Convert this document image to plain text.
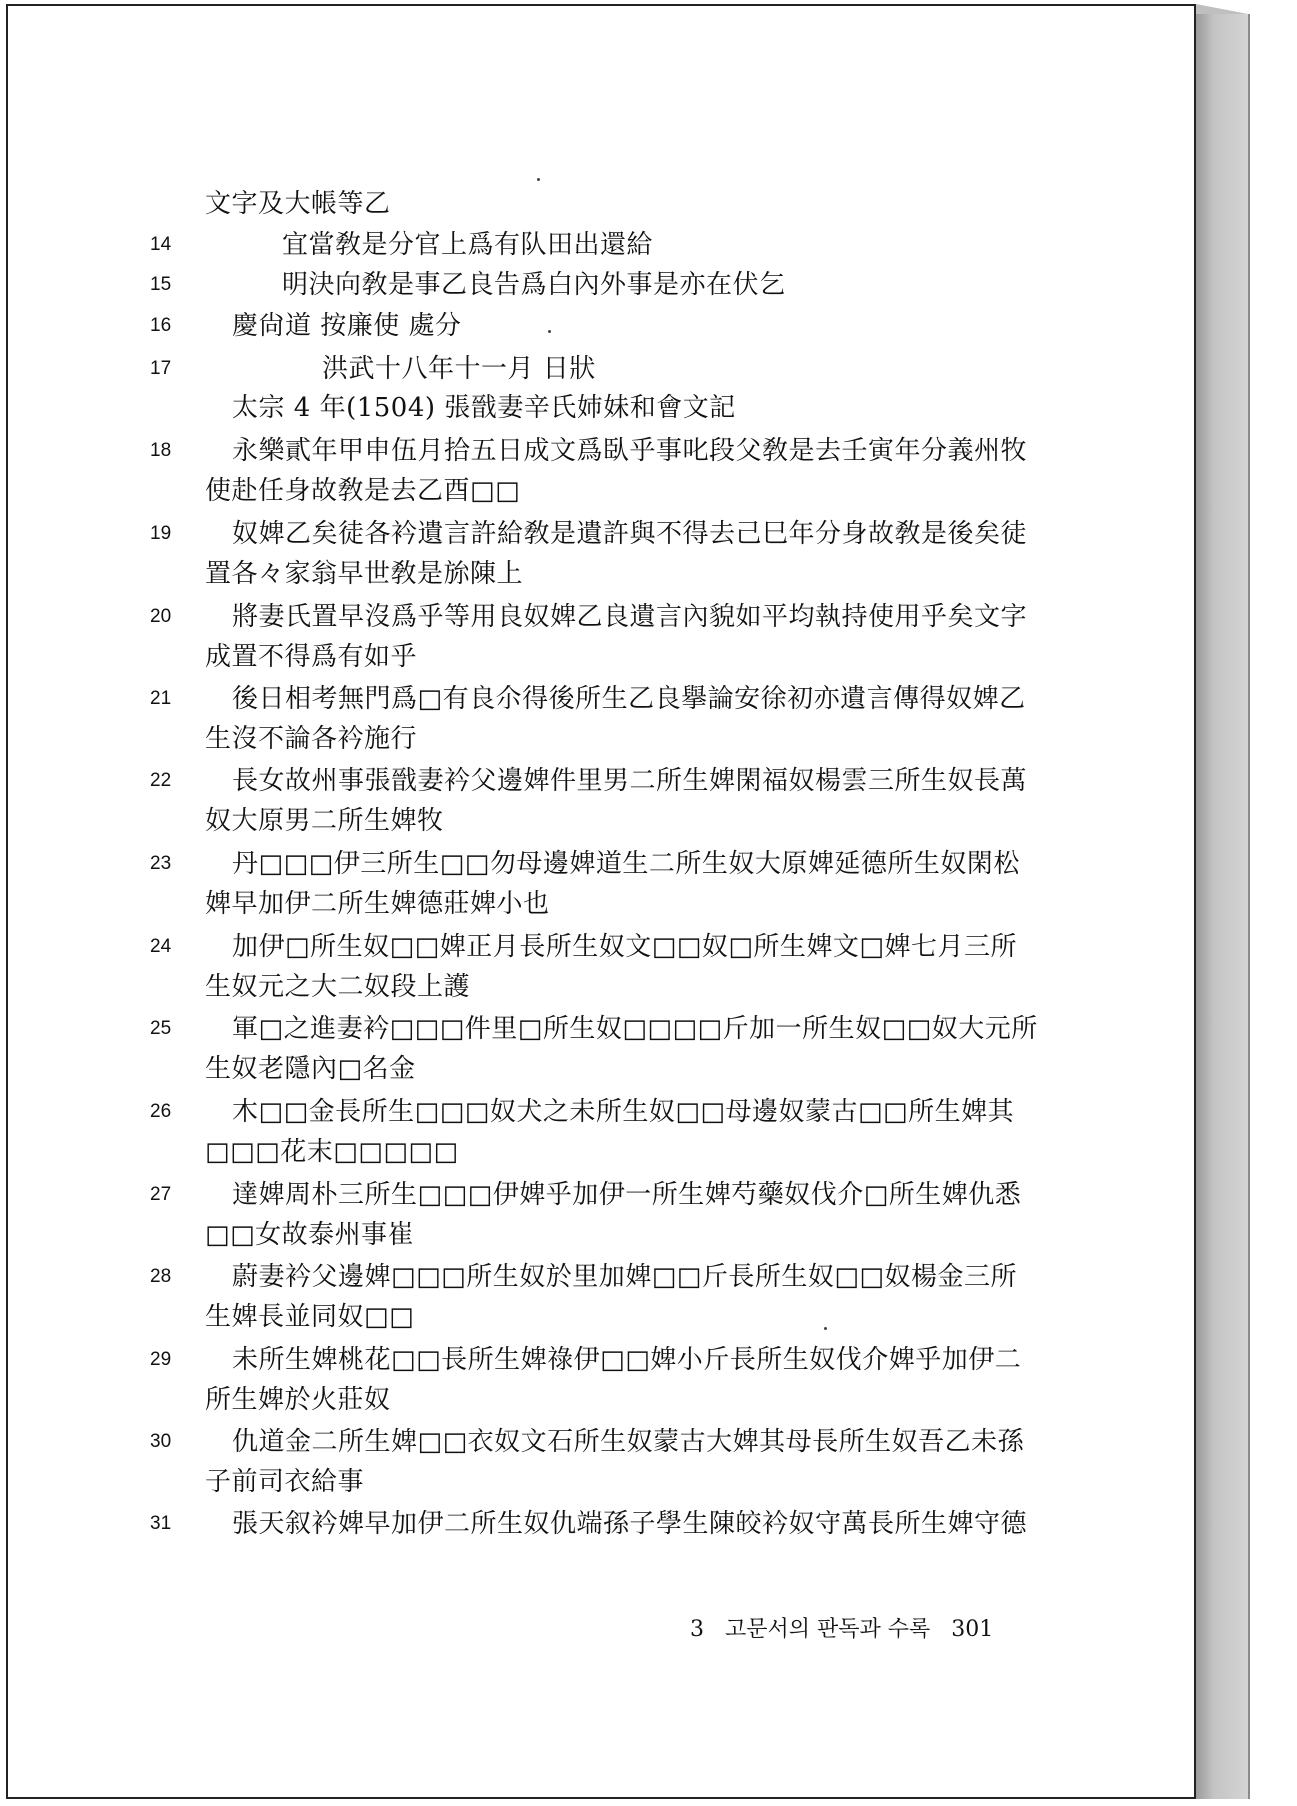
文字及大帳等乙
14	宜當敎是分官上爲有队田出還給
15	明決向敎是事乙良告爲白內外事是亦在伏乞
16	慶尙道 按廉使 處分
17	洪武十八年十一月 日狀
太宗 4 年(1504) 張戩妻辛氏姉妹和會文記
18	永樂貳年甲申伍月拾五日成文爲臥乎事叱段父敎是去壬寅年分義州牧
使赴任身故敎是去乙酉□□
19	奴婢乙矣徒各衿遺言許給敎是遺許與不得去己巳年分身故敎是後矣徒
置各々家翁早世敎是旀陳上
20	將妻氏置早沒爲乎等用良奴婢乙良遺言內貌如平均執持使用乎矣文字
成置不得爲有如乎
21	後日相考無門爲□有良尒得後所生乙良擧論安徐初亦遺言傳得奴婢乙
生沒不論各衿施行
22	長女故州事張戩妻衿父邊婢件里男二所生婢閑福奴楊雲三所生奴長萬
奴大原男二所生婢牧
23	丹□□□伊三所生□□勿母邊婢道生二所生奴大原婢延德所生奴閑松
婢早加伊二所生婢德莊婢小也
24	加伊□所生奴□□婢正月長所生奴文□□奴□所生婢文□婢七月三所
生奴元之大二奴段上護
25	軍□之進妻衿□□□件里□所生奴□□□□斤加一所生奴□□奴大元所
生奴老隱內□名金
26	木□□金長所生□□□奴犬之未所生奴□□母邊奴蒙古□□所生婢其
□□□花末□□□□□
27	達婢周朴三所生□□□伊婢乎加伊一所生婢芍藥奴伐介□所生婢仇悉
□□女故泰州事崔
28	蔚妻衿父邊婢□□□所生奴於里加婢□□斤長所生奴□□奴楊金三所
生婢長並同奴□□
29	未所生婢桃花□□長所生婢祿伊□□婢小斤長所生奴伐介婢乎加伊二
所生婢於火莊奴
30	仇道金二所生婢□□衣奴文石所生奴蒙古大婢其母長所生奴吾乙未孫
子前司衣給事
31	張天叙衿婢早加伊二所生奴仇端孫子學生陳皎衿奴守萬長所生婢守德
3 고문서의 판독과 수록 301
